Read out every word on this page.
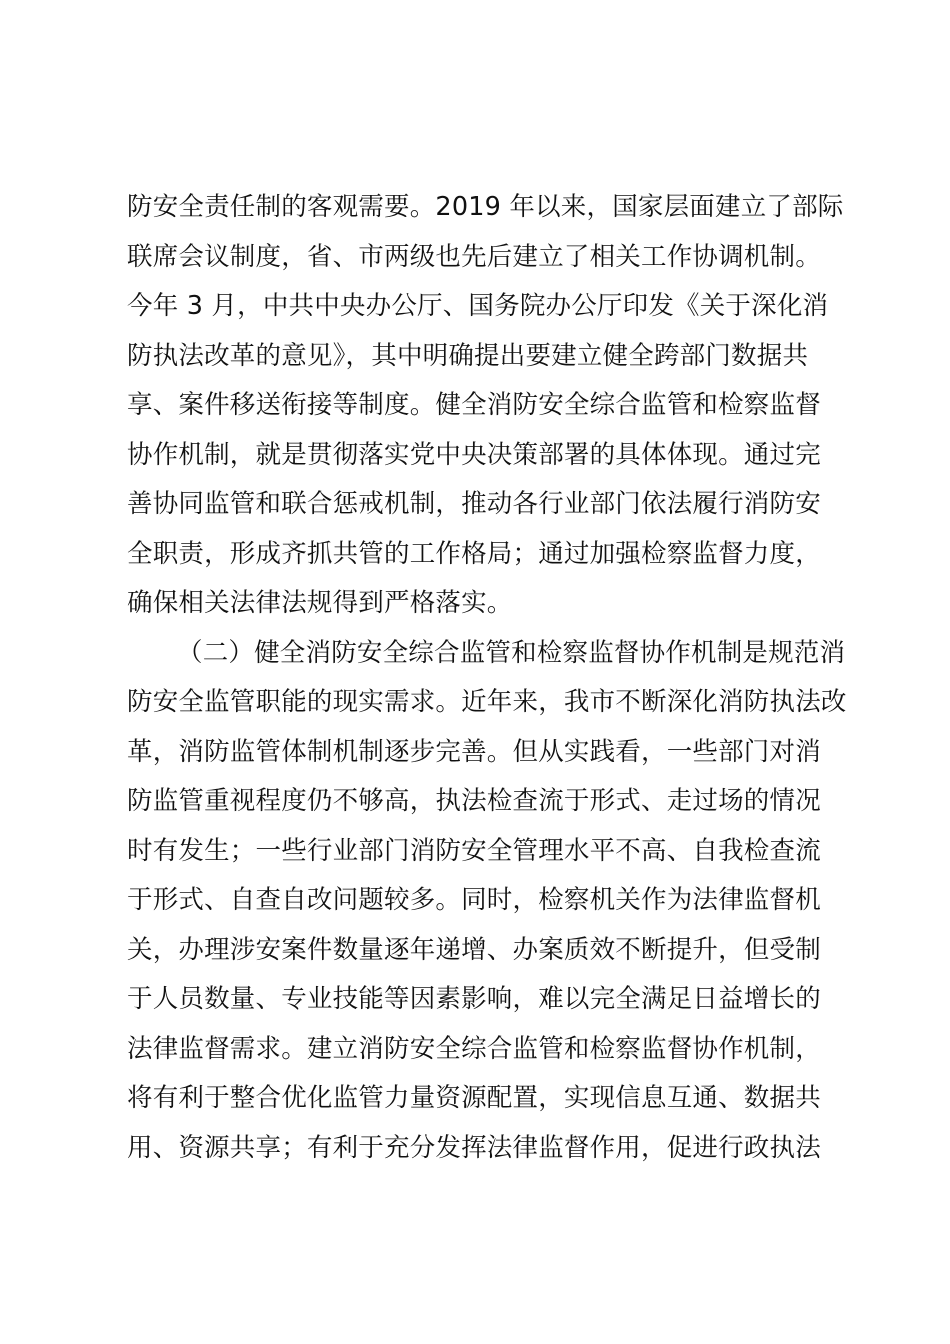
防安全责任制的客观需要。2019 年以来，国家层面建立了部际
联席会议制度，省、市两级也先后建立了相关工作协调机制。
今年 3 月，中共中央办公厅、国务院办公厅印发《关于深化消
防执法改革的意见》，其中明确提出要建立健全跨部门数据共
享、案件移送衔接等制度。健全消防安全综合监管和检察监督
协作机制，就是贯彻落实党中央决策部署的具体体现。通过完
善协同监管和联合惩戒机制，推动各行业部门依法履行消防安
全职责，形成齐抓共管的工作格局；通过加强检察监督力度，
确保相关法律法规得到严格落实。
（二）健全消防安全综合监管和检察监督协作机制是规范消
防安全监管职能的现实需求。近年来，我市不断深化消防执法改
革，消防监管体制机制逐步完善。但从实践看，一些部门对消
防监管重视程度仍不够高，执法检查流于形式、走过场的情况
时有发生；一些行业部门消防安全管理水平不高、自我检查流
于形式、自查自改问题较多。同时，检察机关作为法律监督机
关，办理涉安案件数量逐年递增、办案质效不断提升，但受制
于人员数量、专业技能等因素影响，难以完全满足日益增长的
法律监督需求。建立消防安全综合监管和检察监督协作机制，
将有利于整合优化监管力量资源配置，实现信息互通、数据共
用、资源共享；有利于充分发挥法律监督作用，促进行政执法
